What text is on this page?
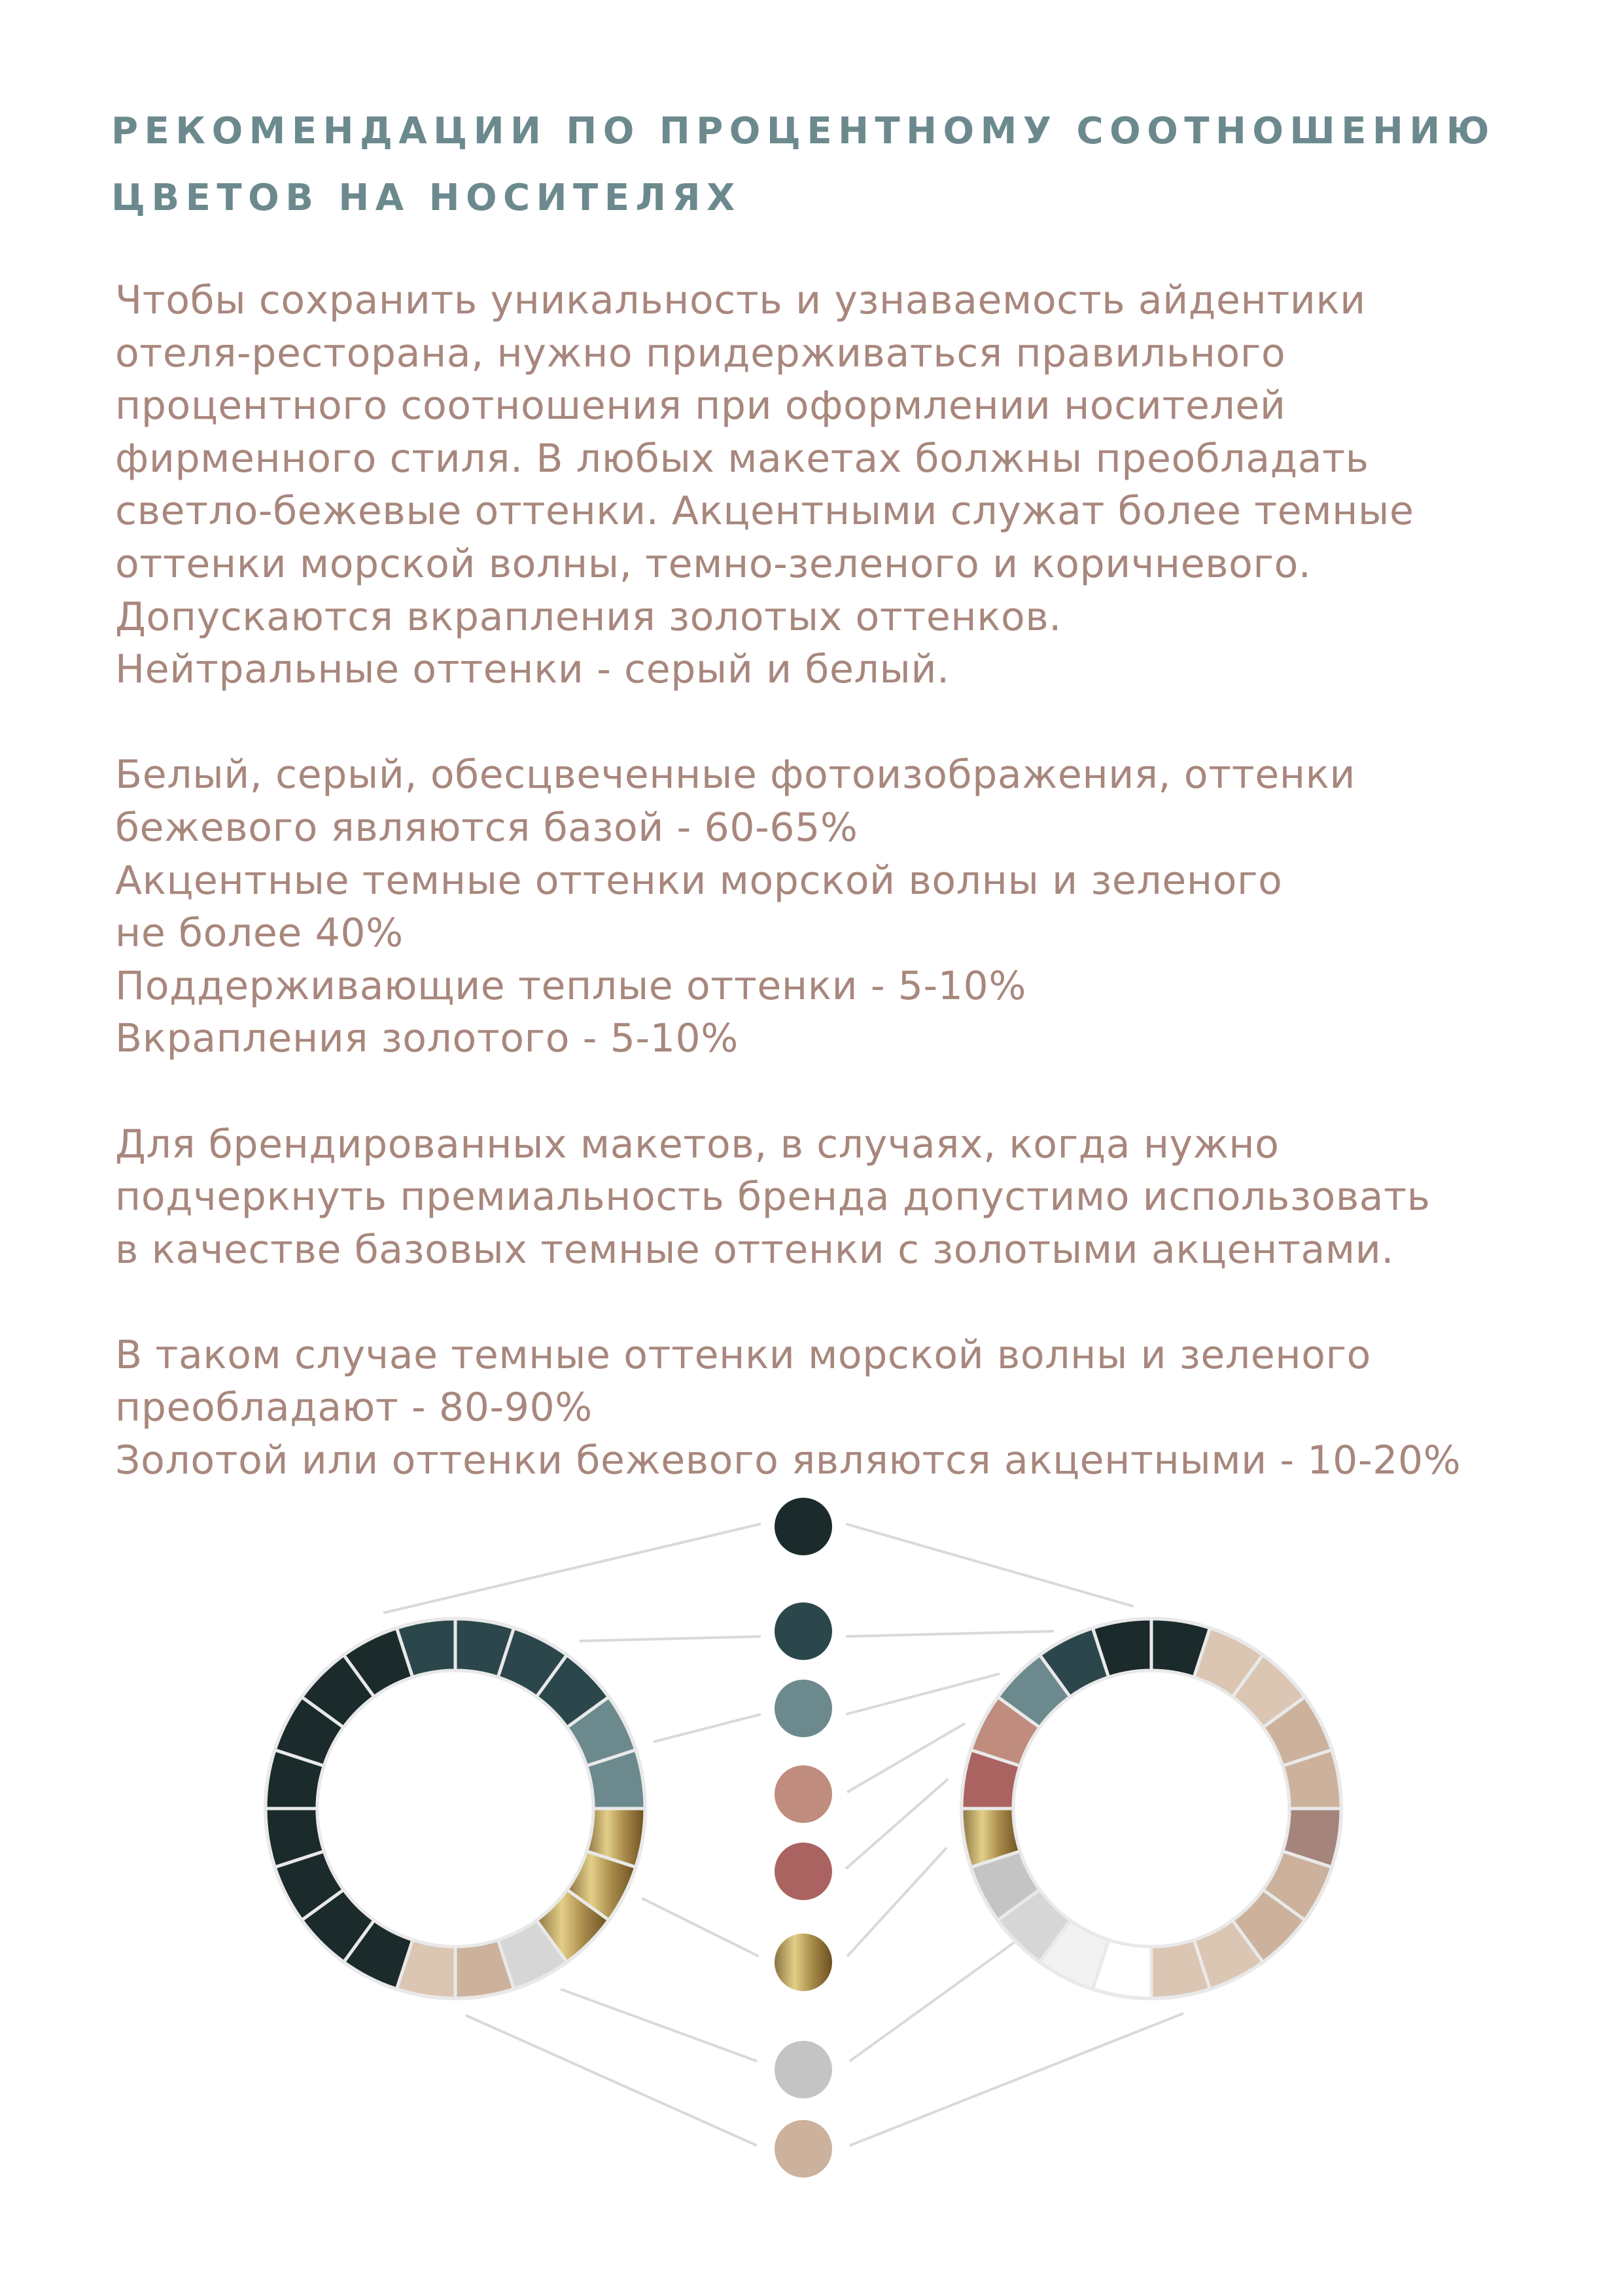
РЕКОМЕНДАЦИИ ПО ПРОЦЕНТНОМУ СООТНОШЕНИЮ
ЦВЕТОВ НА НОСИТЕЛЯХ
Чтобы сохранить уникальность и узнаваемость айдентики
отеля-ресторана, нужно придерживаться правильного
процентного соотношения при оформлении носителей
фирменного стиля. В любых макетах болжны преобладать
светло-бежевые оттенки. Акцентными служат более темные
оттенки морской волны, темно-зеленого и коричневого.
Допускаются вкрапления золотых оттенков.
Нейтральные оттенки - серый и белый.
Белый, серый, обесцвеченные фотоизображения, оттенки
бежевого являются базой - 60-65%
Акцентные темные оттенки морской волны и зеленого
не более 40%
Поддерживающие теплые оттенки - 5-10%
Вкрапления золотого - 5-10%
Для брендированных макетов, в случаях, когда нужно
подчеркнуть премиальность бренда допустимо использовать
в качестве базовых темные оттенки с золотыми акцентами.
В таком случае темные оттенки морской волны и зеленого
преобладают - 80-90%
Золотой или оттенки бежевого являются акцентными - 10-20%
